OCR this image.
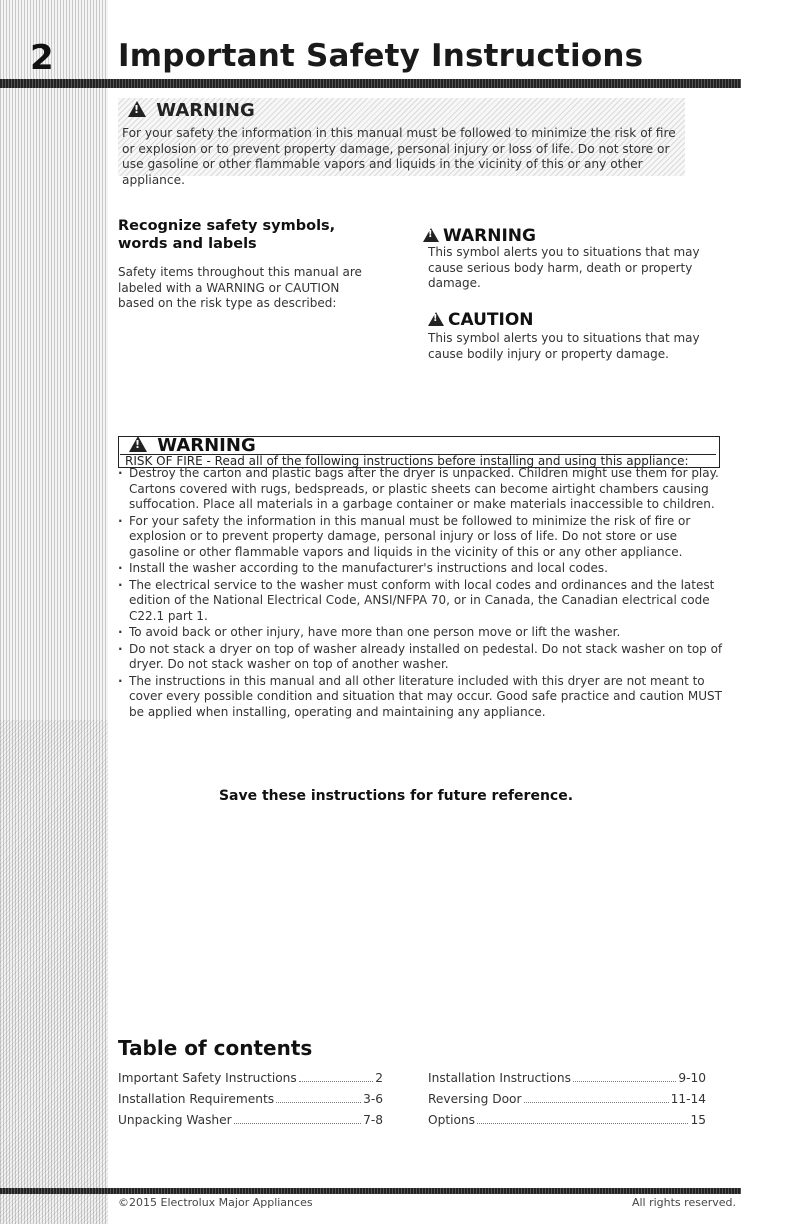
2 Important Safety Instructions
! WARNING
For your safety the information in this manual must be followed to minimize the risk of fire or explosion or to prevent property damage, personal injury or loss of life. Do not store or use gasoline or other flammable vapors and liquids in the vicinity of this or any other appliance.
Recognize safety symbols, words and labels
Safety items throughout this manual are labeled with a WARNING or CAUTION based on the risk type as described:
!WARNING
This symbol alerts you to situations that may cause serious body harm, death or property damage.
!CAUTION
This symbol alerts you to situations that may cause bodily injury or property damage.
! WARNING
RISK OF FIRE - Read all of the following instructions before installing and using this appliance:
· Destroy the carton and plastic bags after the dryer is unpacked. Children might use them for play. Cartons covered with rugs, bedspreads, or plastic sheets can become airtight chambers causing suffocation. Place all materials in a garbage container or make materials inaccessible to children.
· For your safety the information in this manual must be followed to minimize the risk of fire or explosion or to prevent property damage, personal injury or loss of life. Do not store or use gasoline or other flammable vapors and liquids in the vicinity of this or any other appliance.
· Install the washer according to the manufacturer's instructions and local codes.
· The electrical service to the washer must conform with local codes and ordinances and the latest edition of the National Electrical Code, ANSI/NFPA 70, or in Canada, the Canadian electrical code C22.1 part 1.
· To avoid back or other injury, have more than one person move or lift the washer.
· Do not stack a dryer on top of washer already installed on pedestal. Do not stack washer on top of dryer. Do not stack washer on top of another washer.
· The instructions in this manual and all other literature included with this dryer are not meant to cover every possible condition and situation that may occur. Good safe practice and caution MUST be applied when installing, operating and maintaining any appliance.
Save these instructions for future reference.
Table of contents
Important Safety Instructions	2
Installation Requirements	3-6
Unpacking Washer	7-8
Installation Instructions	9-10
Reversing Door	11-14
Options	15
©2015 Electrolux Major Appliances	All rights reserved.
